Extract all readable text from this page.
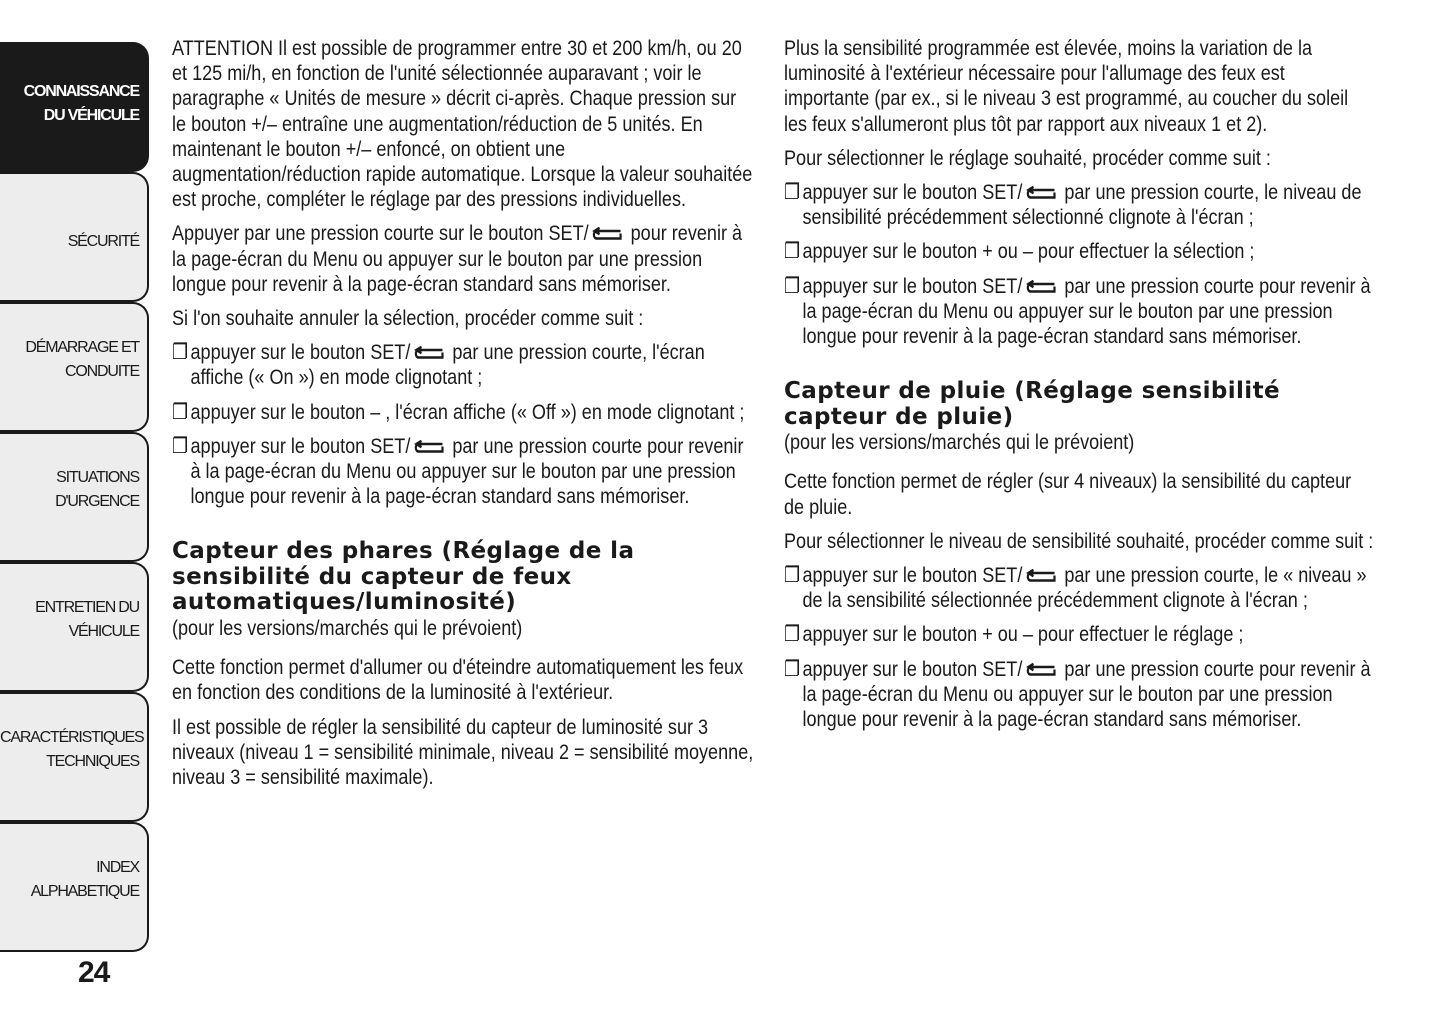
CONNAISSANCE
DU VÉHICULE
SÉCURITÉ
DÉMARRAGE ET
CONDUITE
SITUATIONS
D'URGENCE
ENTRETIEN DU
VÉHICULE
CARACTÉRISTIQUES
TECHNIQUES
INDEX
ALPHABETIQUE
24

ATTENTION Il est possible de programmer entre 30 et 200 km/h, ou 20 et 125 mi/h, en fonction de l'unité sélectionnée auparavant ; voir le paragraphe « Unités de mesure » décrit ci-après. Chaque pression sur le bouton +/– entraîne une augmentation/réduction de 5 unités. En maintenant le bouton +/– enfoncé, on obtient une augmentation/réduction rapide automatique. Lorsque la valeur souhaitée est proche, compléter le réglage par des pressions individuelles.

Appuyer par une pression courte sur le bouton SET/ pour revenir à la page-écran du Menu ou appuyer sur le bouton par une pression longue pour revenir à la page-écran standard sans mémoriser.

Si l'on souhaite annuler la sélection, procéder comme suit :

❐ appuyer sur le bouton SET/ par une pression courte, l'écran affiche (« On ») en mode clignotant ;
❐ appuyer sur le bouton – , l'écran affiche (« Off ») en mode clignotant ;
❐ appuyer sur le bouton SET/ par une pression courte pour revenir à la page-écran du Menu ou appuyer sur le bouton par une pression longue pour revenir à la page-écran standard sans mémoriser.
Capteur des phares (Réglage de la
sensibilité du capteur de feux
automatiques/luminosité)

(pour les versions/marchés qui le prévoient)

Cette fonction permet d'allumer ou d'éteindre automatiquement les feux en fonction des conditions de la luminosité à l'extérieur.

Il est possible de régler la sensibilité du capteur de luminosité sur 3 niveaux (niveau 1 = sensibilité minimale, niveau 2 = sensibilité moyenne, niveau 3 = sensibilité maximale).

Plus la sensibilité programmée est élevée, moins la variation de la luminosité à l'extérieur nécessaire pour l'allumage des feux est importante (par ex., si le niveau 3 est programmé, au coucher du soleil les feux s'allumeront plus tôt par rapport aux niveaux 1 et 2).

Pour sélectionner le réglage souhaité, procéder comme suit :

❐ appuyer sur le bouton SET/ par une pression courte, le niveau de sensibilité précédemment sélectionné clignote à l'écran ;
❐ appuyer sur le bouton + ou – pour effectuer la sélection ;
❐ appuyer sur le bouton SET/ par une pression courte pour revenir à la page-écran du Menu ou appuyer sur le bouton par une pression longue pour revenir à la page-écran standard sans mémoriser.
Capteur de pluie (Réglage sensibilité
capteur de pluie)

(pour les versions/marchés qui le prévoient)

Cette fonction permet de régler (sur 4 niveaux) la sensibilité du capteur de pluie.

Pour sélectionner le niveau de sensibilité souhaité, procéder comme suit :

❐ appuyer sur le bouton SET/ par une pression courte, le « niveau » de la sensibilité sélectionnée précédemment clignote à l'écran ;
❐ appuyer sur le bouton + ou – pour effectuer le réglage ;
❐ appuyer sur le bouton SET/ par une pression courte pour revenir à la page-écran du Menu ou appuyer sur le bouton par une pression longue pour revenir à la page-écran standard sans mémoriser.
